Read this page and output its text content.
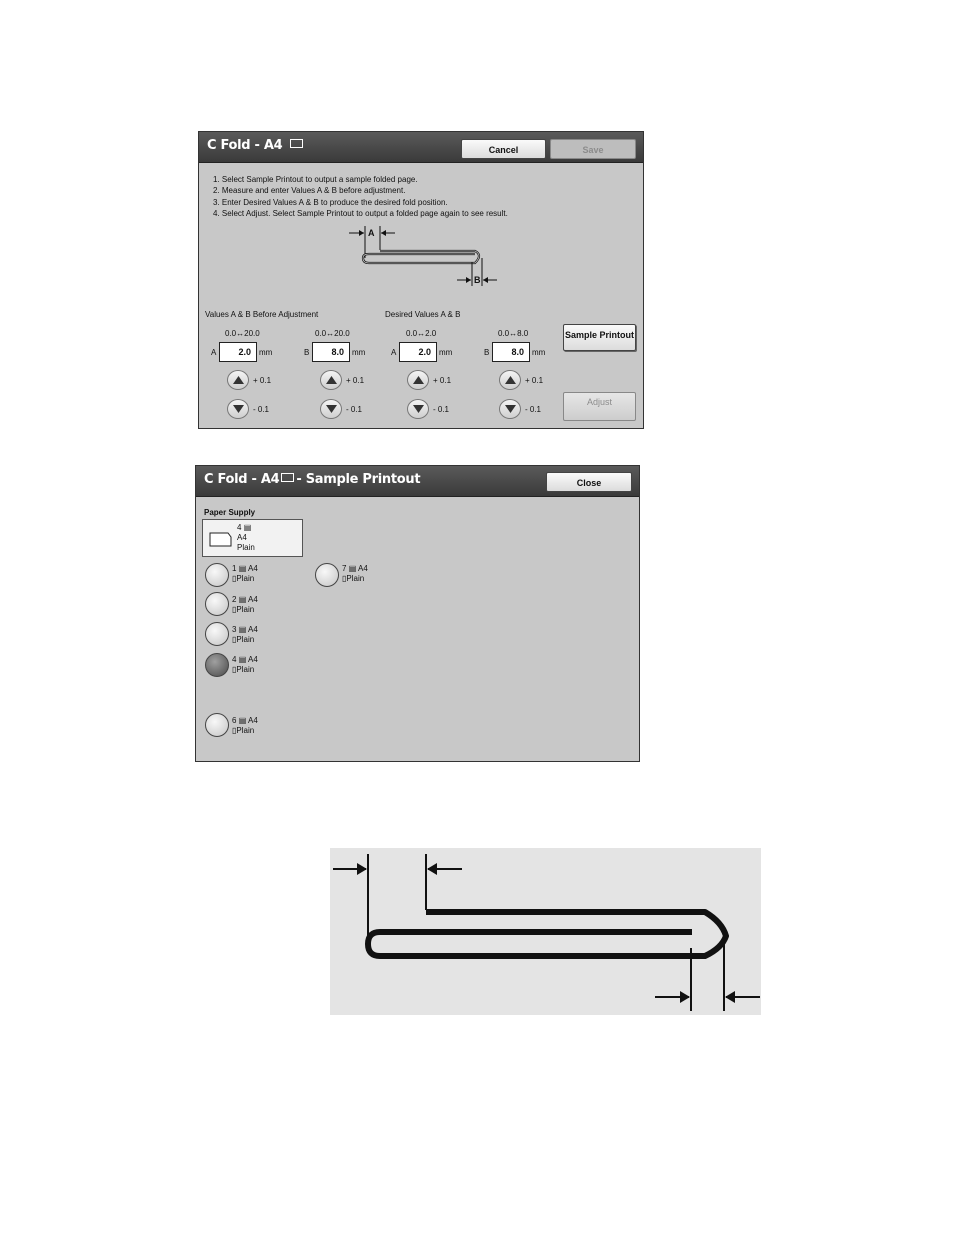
C Fold - A4	Cancel	Save
1. Select Sample Printout to output a sample folded page.
2. Measure and enter Values A & B before adjustment.
3. Enter Desired Values A & B to produce the desired fold position.
4. Select Adjust. Select Sample Printout to output a folded page again to see result.
A
B
Values A & B Before Adjustment	Desired Values A & B
0.0↔20.0
A	2.0	mm
0.0↔20.0
B	8.0	mm
0.0↔2.0
A	2.0	mm
0.0↔8.0
B	8.0	mm
+ 0.1
- 0.1
+ 0.1
- 0.1
+ 0.1
- 0.1
+ 0.1
- 0.1
Sample Printout
Adjust
C Fold - A4 - Sample Printout	Close
Paper Supply
4 ▤
A4
Plain
1 ▤ A4
▯Plain
2 ▤ A4
▯Plain
3 ▤ A4
▯Plain
4 ▤ A4
▯Plain
6 ▤ A4
▯Plain
7 ▤ A4
▯Plain
